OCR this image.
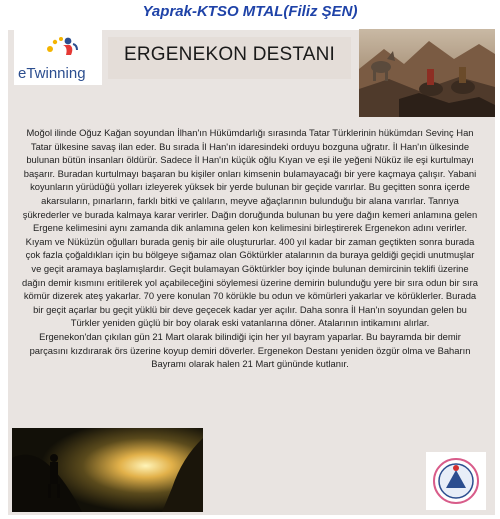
Yaprak-KTSO MTAL(Filiz ŞEN)
eTwinning
ERGENEKON DESTANI

Moğol ilinde Oğuz Kağan soyundan İlhan'ın Hükümdarlığı sırasında Tatar Türklerinin hükümdarı Sevinç Han Tatar ülkesine savaş ilan eder. Bu sırada İl Han'ın idaresindeki orduyu bozguna uğratır. İl Han'ın ülkesinde bulunan bütün insanları öldürür. Sadece İl Han'ın küçük oğlu Kıyan ve eşi ile yeğeni Nüküz ile eşi kurtulmayı başarır. Buradan kurtulmayı başaran bu kişiler onları kimsenin bulamayacağı bir yere kaçmaya çalışır. Yabani koyunların yürüdüğü yolları izleyerek yüksek bir yerde bulunan bir geçide varırlar. Bu geçitten sonra içerde akarsuların, pınarların, farklı bitki ve çalıların, meyve ağaçlarının bulunduğu bir alana varırlar. Tanrıya şükrederler ve burada kalmaya karar verirler. Dağın doruğunda bulunan bu yere dağın kemeri anlamına gelen Ergene kelimesini aynı zamanda dik anlamına gelen kon kelimesini birleştirerek Ergenekon adını verirler. Kıyam ve Nüküzün oğulları burada geniş bir aile oluştururlar. 400 yıl kadar bir zaman geçtikten sonra burada çok fazla çoğaldıkları için bu bölgeye sığamaz olan Göktürkler atalarının da buraya geldiği geçidi unutmuşlar ve geçit aramaya başlamışlardır. Geçit bulamayan Göktürkler boy içinde bulunan demircinin teklifi üzerine dağın demir kısmını eritilerek yol açabileceğini söylemesi üzerine demirin bulunduğu yere bir sıra odun bir sıra kömür dizerek ateş yakarlar. 70 yere konulan 70 körükle bu odun ve kömürleri yakarlar ve körüklerler. Burada bir geçit açarlar bu geçit yüklü bir deve geçecek kadar yer açılır. Daha sonra İl Han'ın soyundan gelen bu Türkler yeniden güçlü bir boy olarak eski vatanlarına döner. Atalarının intikamını alırlar.

Ergenekon'dan çıkılan gün 21 Mart olarak bilindiği için her yıl bayram yaparlar. Bu bayramda bir demir parçasını kızdırarak örs üzerine koyup demiri döverler. Ergenekon Destanı yeniden özgür olma ve Baharın Bayramı olarak halen 21 Mart gününde kutlanır.
